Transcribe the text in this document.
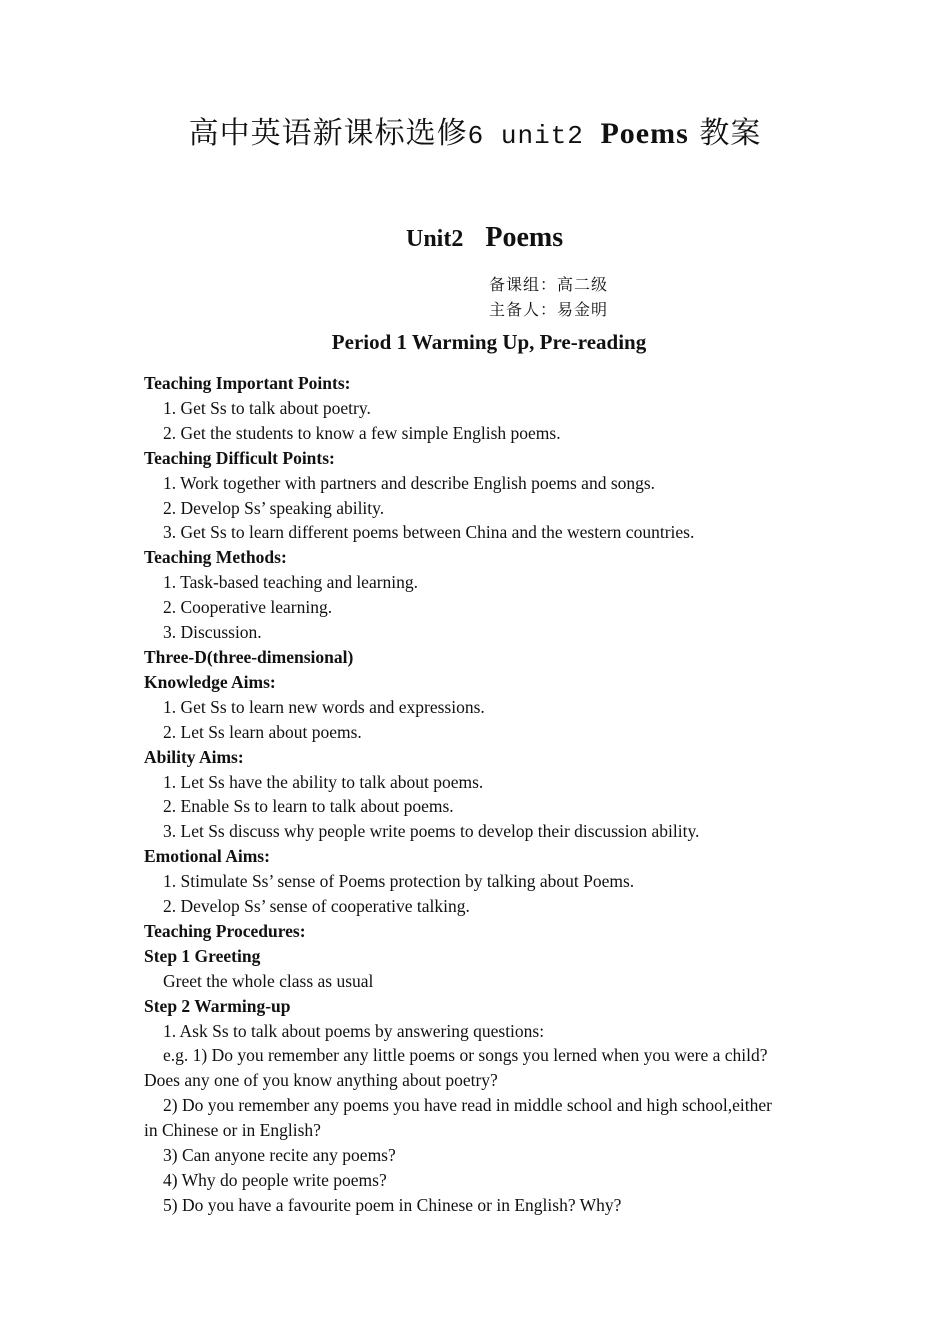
高中英语新课标选修6 unit2 Poems 教案
Unit2 Poems
备课组：高二级
主备人：易金明
Period 1 Warming Up, Pre-reading
Teaching Important Points:
1. Get Ss to talk about poetry.
2. Get the students to know a few simple English poems.
Teaching Difficult Points:
1. Work together with partners and describe English poems and songs.
2. Develop Ss’ speaking ability.
3. Get Ss to learn different poems between China and the western countries.
Teaching Methods:
1. Task-based teaching and learning.
2. Cooperative learning.
3. Discussion.
Three-D(three-dimensional)
Knowledge Aims:
1. Get Ss to learn new words and expressions.
2. Let Ss learn about poems.
Ability Aims:
1. Let Ss have the ability to talk about poems.
2. Enable Ss to learn to talk about poems.
3. Let Ss discuss why people write poems to develop their discussion ability.
Emotional Aims:
1. Stimulate Ss’ sense of Poems protection by talking about Poems.
2. Develop Ss’ sense of cooperative talking.
Teaching Procedures:
Step 1 Greeting
Greet the whole class as usual
Step 2 Warming-up
1. Ask Ss to talk about poems by answering questions:
e.g. 1) Do you remember any little poems or songs you lerned when you were a child?
Does any one of you know anything about poetry?
2) Do you remember any poems you have read in middle school and high school,either
in Chinese or in English?
3) Can anyone recite any poems?
4) Why do people write poems?
5) Do you have a favourite poem in Chinese or in English? Why?
